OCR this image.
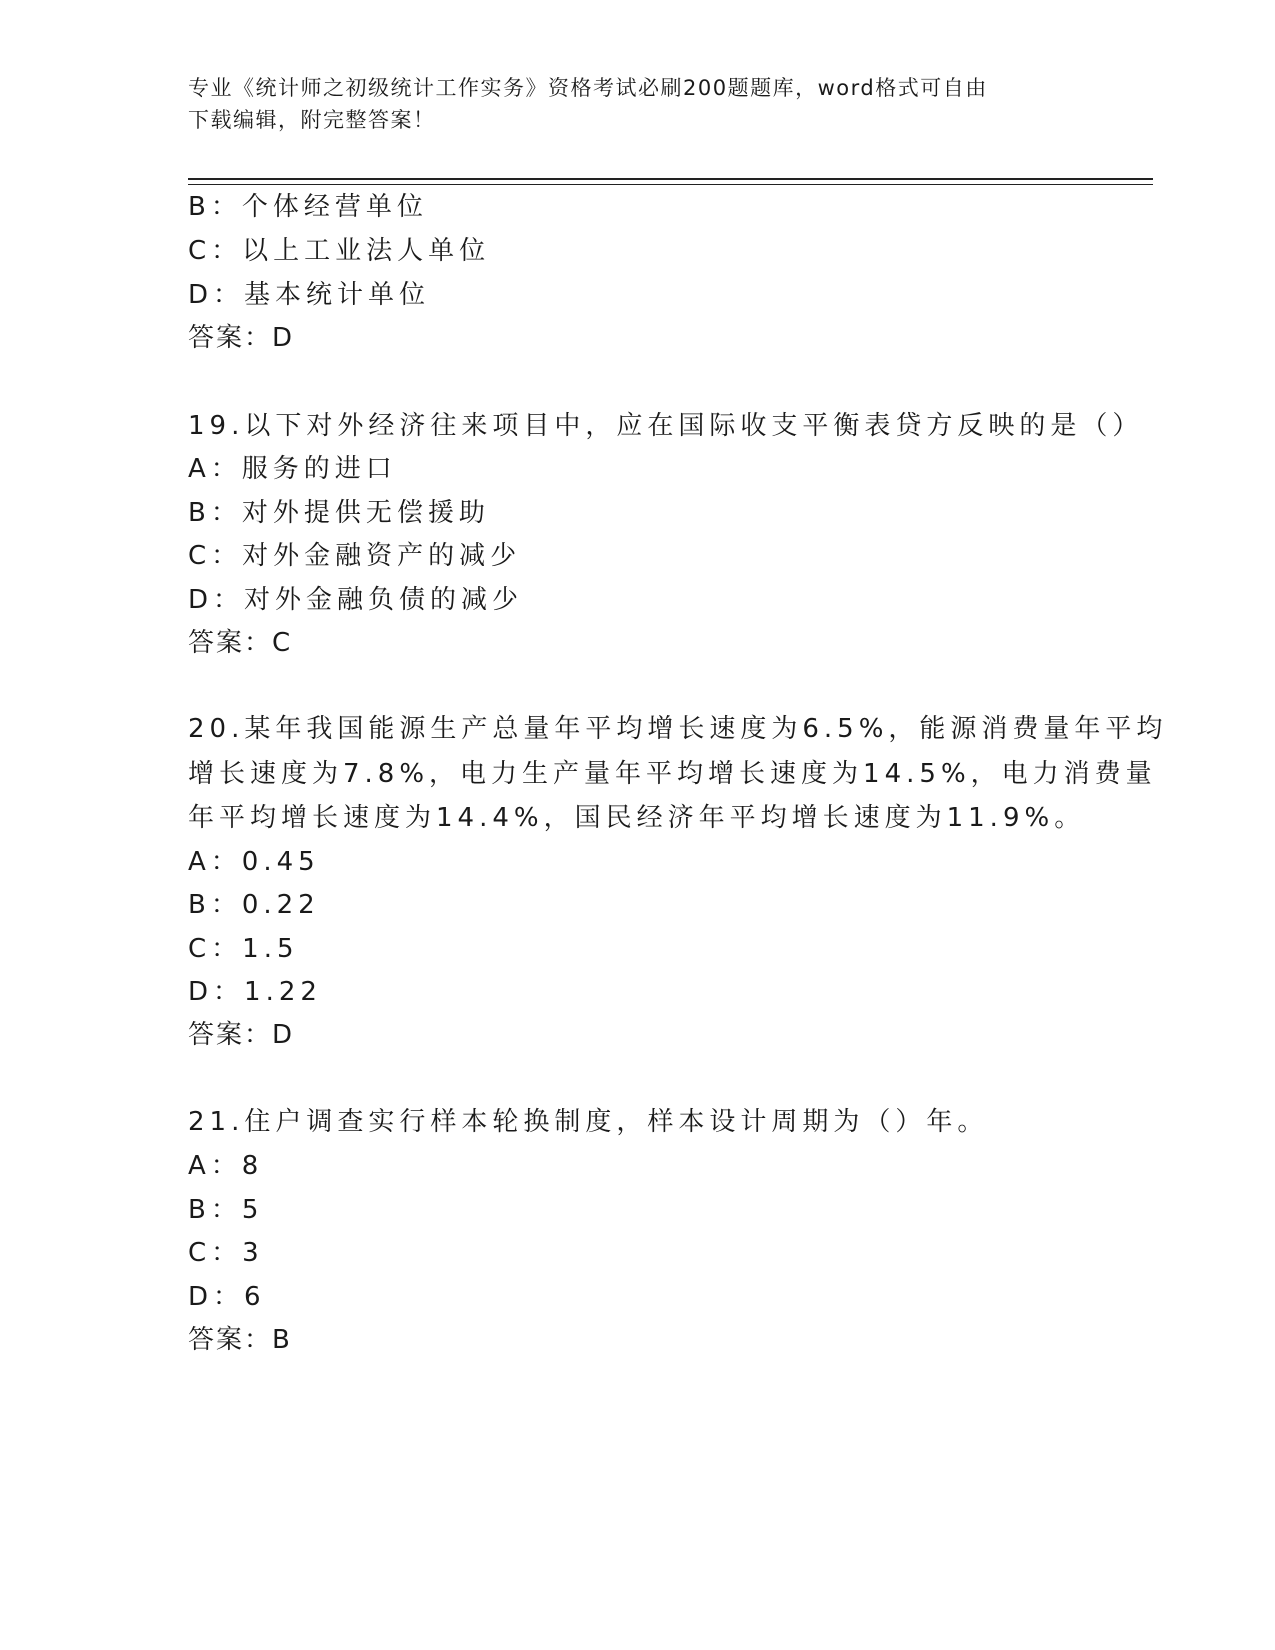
专业《统计师之初级统计工作实务》资格考试必刷200题题库，word格式可自由
下载编辑，附完整答案！
B：个体经营单位
C：以上工业法人单位
D：基本统计单位
答案：D
19.以下对外经济往来项目中，应在国际收支平衡表贷方反映的是（）
A：服务的进口
B：对外提供无偿援助
C：对外金融资产的减少
D：对外金融负债的减少
答案：C
20.某年我国能源生产总量年平均增长速度为6.5%，能源消费量年平均
增长速度为7.8%，电力生产量年平均增长速度为14.5%，电力消费量
年平均增长速度为14.4%，国民经济年平均增长速度为11.9%。
A：0.45
B：0.22
C：1.5
D：1.22
答案：D
21.住户调查实行样本轮换制度，样本设计周期为（）年。
A：8
B：5
C：3
D：6
答案：B
